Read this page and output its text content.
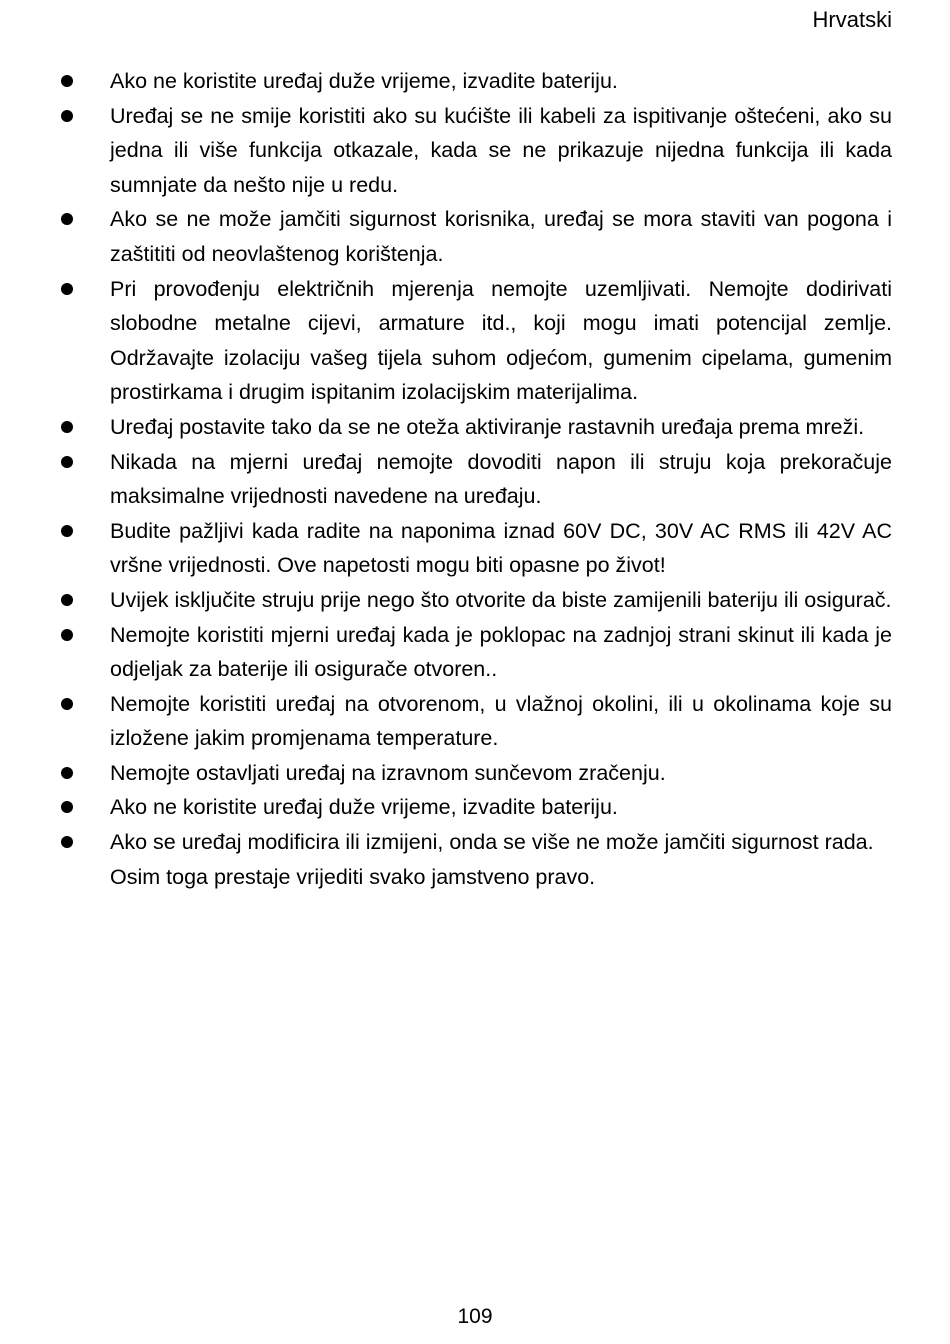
Hrvatski
Ako ne koristite uređaj duže vrijeme, izvadite bateriju.
Uređaj se ne smije koristiti ako su kućište ili kabeli za ispitivanje oštećeni, ako su jedna ili više funkcija otkazale, kada se ne prikazuje nijedna funkcija ili kada sumnjate da nešto nije u redu.
Ako se ne može jamčiti sigurnost korisnika, uređaj se mora staviti van pogona i zaštititi od neovlaštenog korištenja.
Pri provođenju električnih mjerenja nemojte uzemljivati. Nemojte dodirivati slobodne metalne cijevi, armature itd., koji mogu imati potencijal zemlje. Održavajte izolaciju vašeg tijela suhom odjećom, gumenim cipelama, gumenim prostirkama i drugim ispitanim izolacijskim materijalima.
Uređaj postavite tako da se ne oteža aktiviranje rastavnih uređaja prema mreži.
Nikada na mjerni uređaj nemojte dovoditi napon ili struju koja prekoračuje maksimalne vrijednosti navedene na uređaju.
Budite pažljivi kada radite na naponima iznad 60V DC, 30V AC RMS ili 42V AC vršne vrijednosti. Ove napetosti mogu biti opasne po život!
Uvijek isključite struju prije nego što otvorite da biste zamijenili bateriju ili osigurač.
Nemojte koristiti mjerni uređaj kada je poklopac na zadnjoj strani skinut ili kada je odjeljak za baterije ili osigurače otvoren..
Nemojte koristiti uređaj na otvorenom, u vlažnoj okolini, ili u okolinama koje su izložene jakim promjenama temperature.
Nemojte ostavljati uređaj na izravnom sunčevom zračenju.
Ako ne koristite uređaj duže vrijeme, izvadite bateriju.
Ako se uređaj modificira ili izmijeni, onda se više ne može jamčiti sigurnost rada. Osim toga prestaje vrijediti svako jamstveno pravo.
109
